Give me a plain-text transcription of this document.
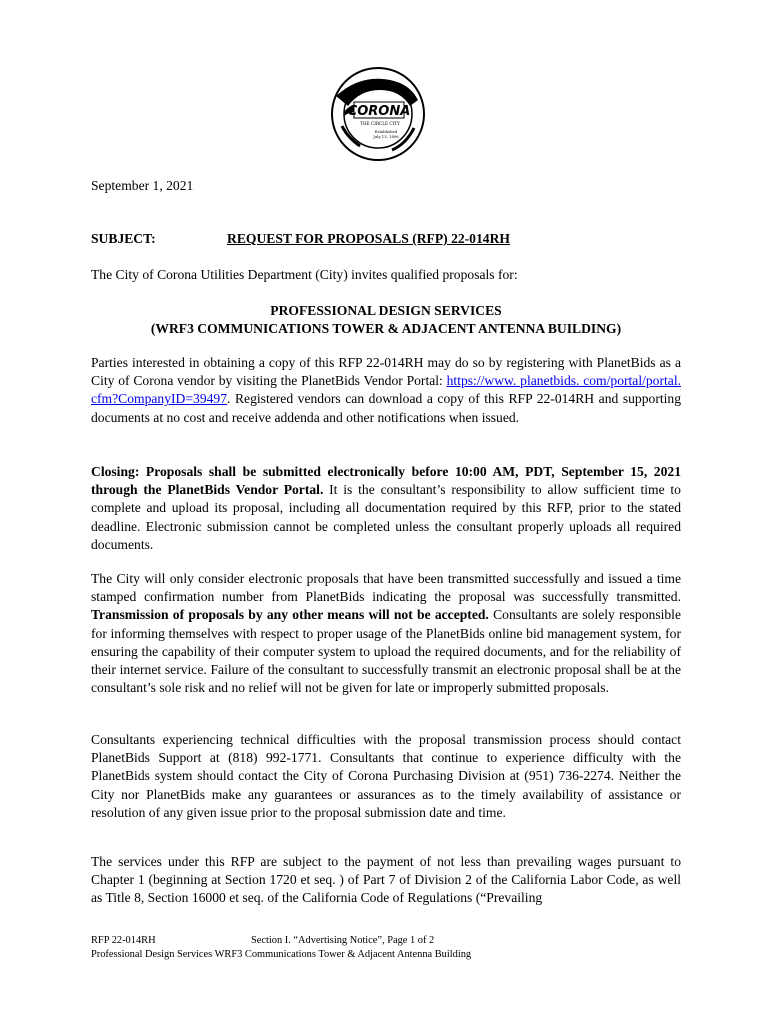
CORONA
THE CIRCLE CITY
Established
July 13, 1896
September 1, 2021
SUBJECT:	REQUEST FOR PROPOSALS (RFP) 22-014RH
The City of Corona Utilities Department (City) invites qualified proposals for:
PROFESSIONAL DESIGN SERVICES
(WRF3 COMMUNICATIONS TOWER & ADJACENT ANTENNA BUILDING)
Parties interested in obtaining a copy of this RFP 22-014RH may do so by registering with PlanetBids as a City of Corona vendor by visiting the PlanetBids Vendor Portal: https://www. planetbids. com/portal/portal. cfm?CompanyID=39497. Registered vendors can download a copy of this RFP 22-014RH and supporting documents at no cost and receive addenda and other notifications when issued.
Closing: Proposals shall be submitted electronically before 10:00 AM, PDT, September 15, 2021 through the PlanetBids Vendor Portal. It is the consultant’s responsibility to allow sufficient time to complete and upload its proposal, including all documentation required by this RFP, prior to the stated deadline. Electronic submission cannot be completed unless the consultant properly uploads all required documents.
The City will only consider electronic proposals that have been transmitted successfully and issued a time stamped confirmation number from PlanetBids indicating the proposal was successfully transmitted. Transmission of proposals by any other means will not be accepted. Consultants are solely responsible for informing themselves with respect to proper usage of the PlanetBids online bid management system, for ensuring the capability of their computer system to upload the required documents, and for the reliability of their internet service. Failure of the consultant to successfully transmit an electronic proposal shall be at the consultant’s sole risk and no relief will not be given for late or improperly submitted proposals.
Consultants experiencing technical difficulties with the proposal transmission process should contact PlanetBids Support at (818) 992-1771. Consultants that continue to experience difficulty with the PlanetBids system should contact the City of Corona Purchasing Division at (951) 736-2274. Neither the City nor PlanetBids make any guarantees or assurances as to the timely availability of assistance or resolution of any given issue prior to the proposal submission date and time.
The services under this RFP are subject to the payment of not less than prevailing wages pursuant to Chapter 1 (beginning at Section 1720 et seq. ) of Part 7 of Division 2 of the California Labor Code, as well as Title 8, Section 16000 et seq. of the California Code of Regulations (“Prevailing
RFP 22-014RH	Section I. “Advertising Notice”, Page 1 of 2
Professional Design Services WRF3 Communications Tower & Adjacent Antenna Building
